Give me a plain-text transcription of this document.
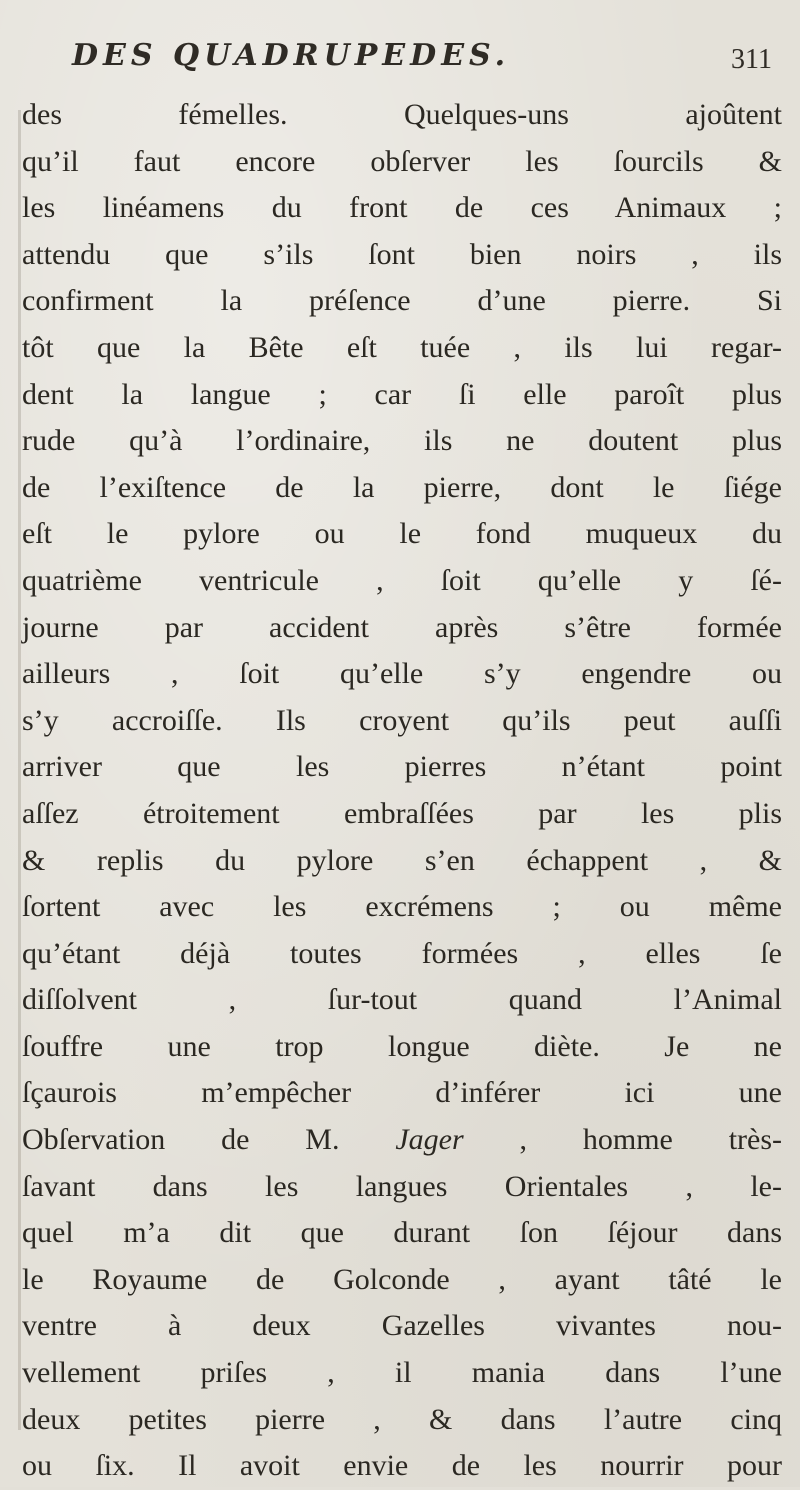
DES QUADRUPEDES.	311
des fémelles. Quelques-uns ajoûtent
qu’il faut encore obſerver les ſourcils &
les linéamens du front de ces Animaux ;
attendu que s’ils ſont bien noirs , ils
confirment la préſence d’une pierre. Si
tôt que la Bête eſt tuée , ils lui regar-
dent la langue ; car ſi elle paroît plus
rude qu’à l’ordinaire, ils ne doutent plus
de l’exiſtence de la pierre, dont le ſiége
eſt le pylore ou le fond muqueux du
quatrième ventricule , ſoit qu’elle y ſé-
journe par accident après s’être formée
ailleurs , ſoit qu’elle s’y engendre ou
s’y accroiſſe. Ils croyent qu’ils peut auſſi
arriver que les pierres n’étant point
aſſez étroitement embraſſées par les plis
& replis du pylore s’en échappent , &
ſortent avec les excrémens ; ou même
qu’étant déjà toutes formées , elles ſe
diſſolvent , ſur-tout quand l’Animal
ſouffre une trop longue diète. Je ne
ſçaurois m’empêcher d’inférer ici une
Obſervation de M. Jager , homme très-
ſavant dans les langues Orientales , le-
quel m’a dit que durant ſon ſéjour dans
le Royaume de Golconde , ayant tâté le
ventre à deux Gazelles vivantes nou-
vellement priſes , il mania dans l’une
deux petites pierre , & dans l’autre cinq
ou ſix. Il avoit envie de les nourrir pour
